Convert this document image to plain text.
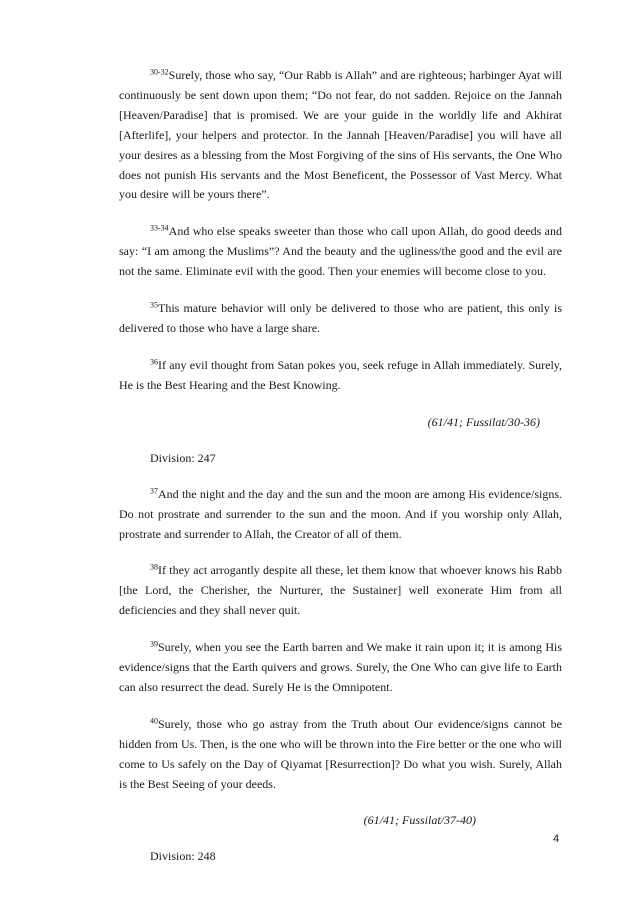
$^{30-32}$Surely, those who say, “Our Rabb is Allah” and are righteous; harbinger Ayat will continuously be sent down upon them; “Do not fear, do not sadden. Rejoice on the Jannah [Heaven/Paradise] that is promised. We are your guide in the worldly life and Akhirat [Afterlife], your helpers and protector. In the Jannah [Heaven/Paradise] you will have all your desires as a blessing from the Most Forgiving of the sins of His servants, the One Who does not punish His servants and the Most Beneficent, the Possessor of Vast Mercy. What you desire will be yours there”.

$^{33-34}$And who else speaks sweeter than those who call upon Allah, do good deeds and say: “I am among the Muslims”? And the beauty and the ugliness/the good and the evil are not the same. Eliminate evil with the good. Then your enemies will become close to you.

$^{35}$This mature behavior will only be delivered to those who are patient, this only is delivered to those who have a large share.

$^{36}$If any evil thought from Satan pokes you, seek refuge in Allah immediately. Surely, He is the Best Hearing and the Best Knowing.

(61/41; Fussilat/30-36)
Division: 247

$^{37}$And the night and the day and the sun and the moon are among His evidence/signs. Do not prostrate and surrender to the sun and the moon. And if you worship only Allah, prostrate and surrender to Allah, the Creator of all of them.

$^{38}$If they act arrogantly despite all these, let them know that whoever knows his Rabb [the Lord, the Cherisher, the Nurturer, the Sustainer] well exonerate Him from all deficiencies and they shall never quit.

$^{39}$Surely, when you see the Earth barren and We make it rain upon it; it is among His evidence/signs that the Earth quivers and grows. Surely, the One Who can give life to Earth can also resurrect the dead. Surely He is the Omnipotent.

$^{40}$Surely, those who go astray from the Truth about Our evidence/signs cannot be hidden from Us. Then, is the one who will be thrown into the Fire better or the one who will come to Us safely on the Day of Qiyamat [Resurrection]? Do what you wish. Surely, Allah is the Best Seeing of your deeds.

(61/41; Fussilat/37-40)
Division: 248
4
